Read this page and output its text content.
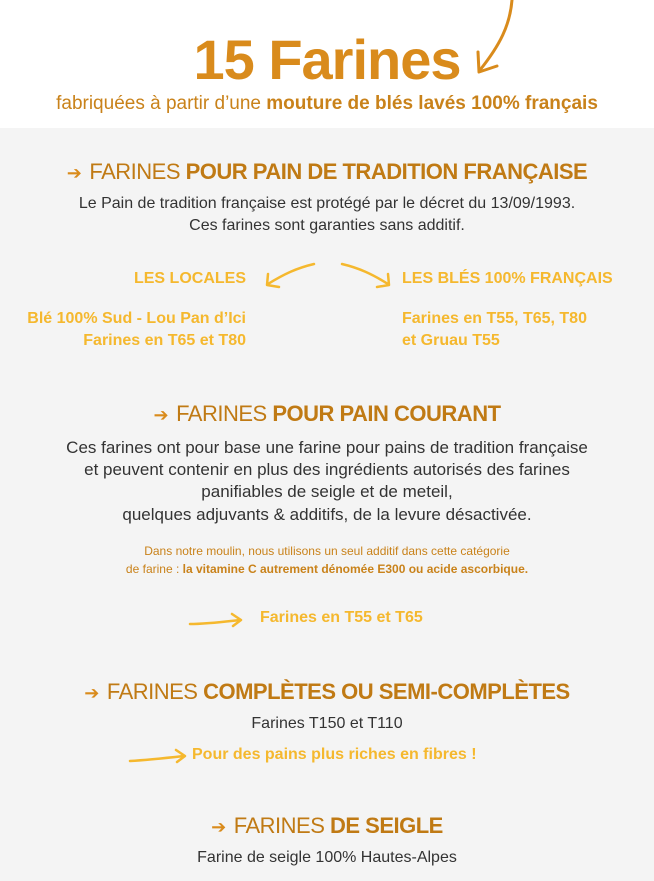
15 Farines
fabriquées à partir d’une mouture de blés lavés 100% français
➔ FARINES POUR PAIN DE TRADITION FRANÇAISE
Le Pain de tradition française est protégé par le décret du 13/09/1993.
Ces farines sont garanties sans additif.
LES LOCALES	LES BLÉS 100% FRANÇAIS
Blé 100% Sud - Lou Pan d’Ici
Farines en T65 et T80
Farines en T55, T65, T80
et Gruau T55
➔ FARINES POUR PAIN COURANT
Ces farines ont pour base une farine pour pains de tradition française
et peuvent contenir en plus des ingrédients autorisés des farines
panifiables de seigle et de meteil,
quelques adjuvants & additifs, de la levure désactivée.
Dans notre moulin, nous utilisons un seul additif dans cette catégorie
de farine : la vitamine C autrement dénomée E300 ou acide ascorbique.
Farines en T55 et T65
➔ FARINES COMPLÈTES OU SEMI-COMPLÈTES
Farines T150 et T110
Pour des pains plus riches en fibres !
➔ FARINES DE SEIGLE
Farine de seigle 100% Hautes-Alpes
